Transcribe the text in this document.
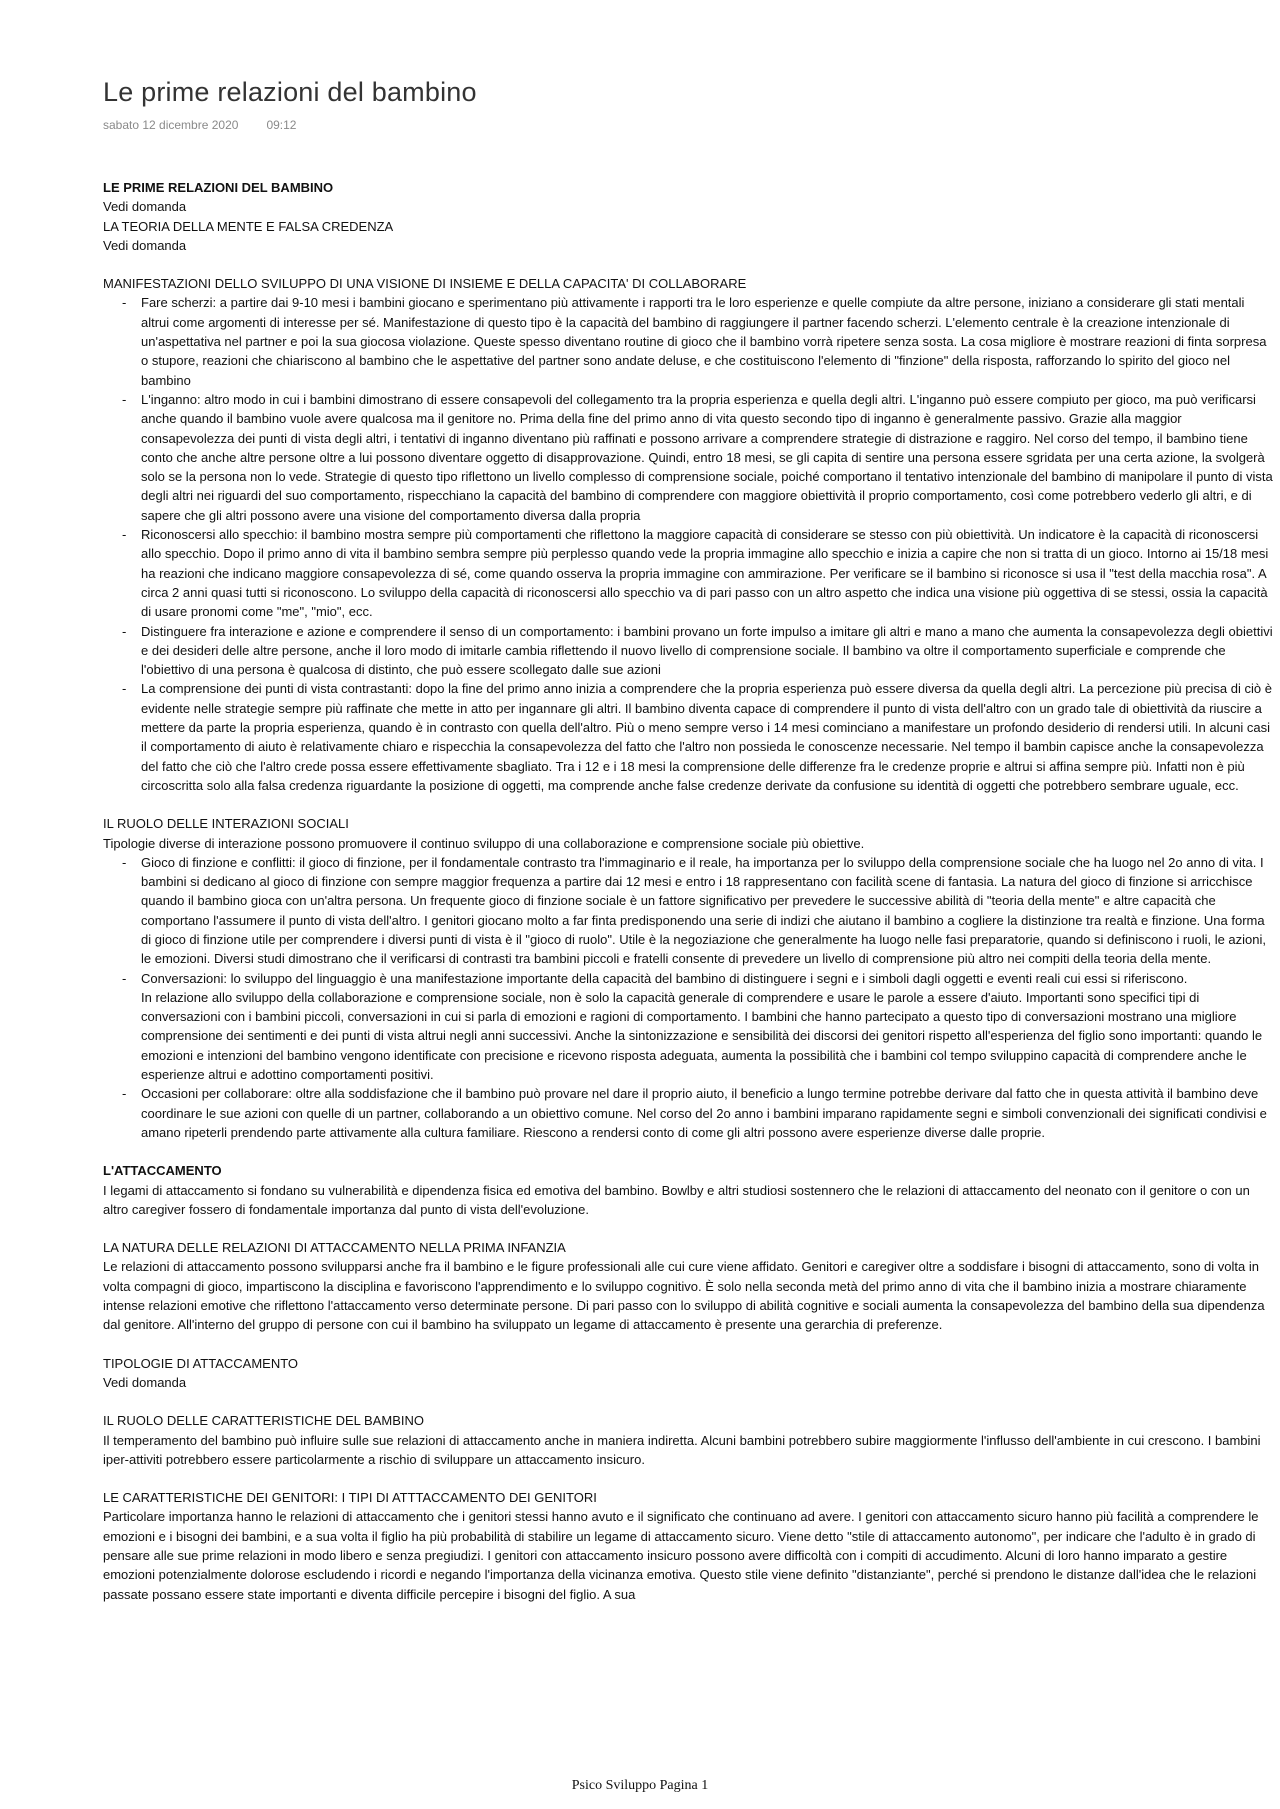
Le prime relazioni del bambino
sabato 12 dicembre 2020 09:12

LE PRIME RELAZIONI DEL BAMBINO

Vedi domanda

LA TEORIA DELLA MENTE E FALSA CREDENZA

Vedi domanda

MANIFESTAZIONI DELLO SVILUPPO DI UNA VISIONE DI INSIEME E DELLA CAPACITA' DI COLLABORARE

- Fare scherzi: a partire dai 9-10 mesi i bambini giocano e sperimentano più attivamente i rapporti tra le loro esperienze e quelle compiute da altre persone, iniziano a considerare gli stati mentali altrui come argomenti di interesse per sé. Manifestazione di questo tipo è la capacità del bambino di raggiungere il partner facendo scherzi. L'elemento centrale è la creazione intenzionale di un'aspettativa nel partner e poi la sua giocosa violazione. Queste spesso diventano routine di gioco che il bambino vorrà ripetere senza sosta. La cosa migliore è mostrare reazioni di finta sorpresa o stupore, reazioni che chiariscono al bambino che le aspettative del partner sono andate deluse, e che costituiscono l'elemento di "finzione" della risposta, rafforzando lo spirito del gioco nel bambino
- L'inganno: altro modo in cui i bambini dimostrano di essere consapevoli del collegamento tra la propria esperienza e quella degli altri. L'inganno può essere compiuto per gioco, ma può verificarsi anche quando il bambino vuole avere qualcosa ma il genitore no. Prima della fine del primo anno di vita questo secondo tipo di inganno è generalmente passivo. Grazie alla maggior consapevolezza dei punti di vista degli altri, i tentativi di inganno diventano più raffinati e possono arrivare a comprendere strategie di distrazione e raggiro. Nel corso del tempo, il bambino tiene conto che anche altre persone oltre a lui possono diventare oggetto di disapprovazione. Quindi, entro 18 mesi, se gli capita di sentire una persona essere sgridata per una certa azione, la svolgerà solo se la persona non lo vede. Strategie di questo tipo riflettono un livello complesso di comprensione sociale, poiché comportano il tentativo intenzionale del bambino di manipolare il punto di vista degli altri nei riguardi del suo comportamento, rispecchiano la capacità del bambino di comprendere con maggiore obiettività il proprio comportamento, così come potrebbero vederlo gli altri, e di sapere che gli altri possono avere una visione del comportamento diversa dalla propria
- Riconoscersi allo specchio: il bambino mostra sempre più comportamenti che riflettono la maggiore capacità di considerare se stesso con più obiettività. Un indicatore è la capacità di riconoscersi allo specchio. Dopo il primo anno di vita il bambino sembra sempre più perplesso quando vede la propria immagine allo specchio e inizia a capire che non si tratta di un gioco. Intorno ai 15/18 mesi ha reazioni che indicano maggiore consapevolezza di sé, come quando osserva la propria immagine con ammirazione. Per verificare se il bambino si riconosce si usa il "test della macchia rosa". A circa 2 anni quasi tutti si riconoscono. Lo sviluppo della capacità di riconoscersi allo specchio va di pari passo con un altro aspetto che indica una visione più oggettiva di se stessi, ossia la capacità di usare pronomi come "me", "mio", ecc.
- Distinguere fra interazione e azione e comprendere il senso di un comportamento: i bambini provano un forte impulso a imitare gli altri e mano a mano che aumenta la consapevolezza degli obiettivi e dei desideri delle altre persone, anche il loro modo di imitarle cambia riflettendo il nuovo livello di comprensione sociale. Il bambino va oltre il comportamento superficiale e comprende che l'obiettivo di una persona è qualcosa di distinto, che può essere scollegato dalle sue azioni
- La comprensione dei punti di vista contrastanti: dopo la fine del primo anno inizia a comprendere che la propria esperienza può essere diversa da quella degli altri. La percezione più precisa di ciò è evidente nelle strategie sempre più raffinate che mette in atto per ingannare gli altri. Il bambino diventa capace di comprendere il punto di vista dell'altro con un grado tale di obiettività da riuscire a mettere da parte la propria esperienza, quando è in contrasto con quella dell'altro. Più o meno sempre verso i 14 mesi cominciano a manifestare un profondo desiderio di rendersi utili. In alcuni casi il comportamento di aiuto è relativamente chiaro e rispecchia la consapevolezza del fatto che l'altro non possieda le conoscenze necessarie. Nel tempo il bambin capisce anche la consapevolezza del fatto che ciò che l'altro crede possa essere effettivamente sbagliato. Tra i 12 e i 18 mesi la comprensione delle differenze fra le credenze proprie e altrui si affina sempre più. Infatti non è più circoscritta solo alla falsa credenza riguardante la posizione di oggetti, ma comprende anche false credenze derivate da confusione su identità di oggetti che potrebbero sembrare uguale, ecc.

IL RUOLO DELLE INTERAZIONI SOCIALI

Tipologie diverse di interazione possono promuovere il continuo sviluppo di una collaborazione e comprensione sociale più obiettive.

- Gioco di finzione e conflitti: il gioco di finzione, per il fondamentale contrasto tra l'immaginario e il reale, ha importanza per lo sviluppo della comprensione sociale che ha luogo nel 2o anno di vita. I bambini si dedicano al gioco di finzione con sempre maggior frequenza a partire dai 12 mesi e entro i 18 rappresentano con facilità scene di fantasia. La natura del gioco di finzione si arricchisce quando il bambino gioca con un'altra persona. Un frequente gioco di finzione sociale è un fattore significativo per prevedere le successive abilità di "teoria della mente" e altre capacità che comportano l'assumere il punto di vista dell'altro. I genitori giocano molto a far finta predisponendo una serie di indizi che aiutano il bambino a cogliere la distinzione tra realtà e finzione. Una forma di gioco di finzione utile per comprendere i diversi punti di vista è il "gioco di ruolo". Utile è la negoziazione che generalmente ha luogo nelle fasi preparatorie, quando si definiscono i ruoli, le azioni, le emozioni. Diversi studi dimostrano che il verificarsi di contrasti tra bambini piccoli e fratelli consente di prevedere un livello di comprensione più altro nei compiti della teoria della mente.
- Conversazioni: lo sviluppo del linguaggio è una manifestazione importante della capacità del bambino di distinguere i segni e i simboli dagli oggetti e eventi reali cui essi si riferiscono.

In relazione allo sviluppo della collaborazione e comprensione sociale, non è solo la capacità generale di comprendere e usare le parole a essere d'aiuto. Importanti sono specifici tipi di conversazioni con i bambini piccoli, conversazioni in cui si parla di emozioni e ragioni di comportamento. I bambini che hanno partecipato a questo tipo di conversazioni mostrano una migliore comprensione dei sentimenti e dei punti di vista altrui negli anni successivi. Anche la sintonizzazione e sensibilità dei discorsi dei genitori rispetto all'esperienza del figlio sono importanti: quando le emozioni e intenzioni del bambino vengono identificate con precisione e ricevono risposta adeguata, aumenta la possibilità che i bambini col tempo sviluppino capacità di comprendere anche le esperienze altrui e adottino comportamenti positivi.

- Occasioni per collaborare: oltre alla soddisfazione che il bambino può provare nel dare il proprio aiuto, il beneficio a lungo termine potrebbe derivare dal fatto che in questa attività il bambino deve coordinare le sue azioni con quelle di un partner, collaborando a un obiettivo comune. Nel corso del 2o anno i bambini imparano rapidamente segni e simboli convenzionali dei significati condivisi e amano ripeterli prendendo parte attivamente alla cultura familiare. Riescono a rendersi conto di come gli altri possono avere esperienze diverse dalle proprie.

L'ATTACCAMENTO

I legami di attaccamento si fondano su vulnerabilità e dipendenza fisica ed emotiva del bambino. Bowlby e altri studiosi sostennero che le relazioni di attaccamento del neonato con il genitore o con un altro caregiver fossero di fondamentale importanza dal punto di vista dell'evoluzione.

LA NATURA DELLE RELAZIONI DI ATTACCAMENTO NELLA PRIMA INFANZIA

Le relazioni di attaccamento possono svilupparsi anche fra il bambino e le figure professionali alle cui cure viene affidato. Genitori e caregiver oltre a soddisfare i bisogni di attaccamento, sono di volta in volta compagni di gioco, impartiscono la disciplina e favoriscono l'apprendimento e lo sviluppo cognitivo. È solo nella seconda metà del primo anno di vita che il bambino inizia a mostrare chiaramente intense relazioni emotive che riflettono l'attaccamento verso determinate persone. Di pari passo con lo sviluppo di abilità cognitive e sociali aumenta la consapevolezza del bambino della sua dipendenza dal genitore. All'interno del gruppo di persone con cui il bambino ha sviluppato un legame di attaccamento è presente una gerarchia di preferenze.

TIPOLOGIE DI ATTACCAMENTO

Vedi domanda

IL RUOLO DELLE CARATTERISTICHE DEL BAMBINO

Il temperamento del bambino può influire sulle sue relazioni di attaccamento anche in maniera indiretta. Alcuni bambini potrebbero subire maggiormente l'influsso dell'ambiente in cui crescono. I bambini iper-attiviti potrebbero essere particolarmente a rischio di sviluppare un attaccamento insicuro.

LE CARATTERISTICHE DEI GENITORI: I TIPI DI ATTTACCAMENTO DEI GENITORI

Particolare importanza hanno le relazioni di attaccamento che i genitori stessi hanno avuto e il significato che continuano ad avere. I genitori con attaccamento sicuro hanno più facilità a comprendere le emozioni e i bisogni dei bambini, e a sua volta il figlio ha più probabilità di stabilire un legame di attaccamento sicuro. Viene detto "stile di attaccamento autonomo", per indicare che l'adulto è in grado di pensare alle sue prime relazioni in modo libero e senza pregiudizi. I genitori con attaccamento insicuro possono avere difficoltà con i compiti di accudimento. Alcuni di loro hanno imparato a gestire emozioni potenzialmente dolorose escludendo i ricordi e negando l'importanza della vicinanza emotiva. Questo stile viene definito "distanziante", perché si prendono le distanze dall'idea che le relazioni passate possano essere state importanti e diventa difficile percepire i bisogni del figlio. A sua

Psico Sviluppo Pagina 1
